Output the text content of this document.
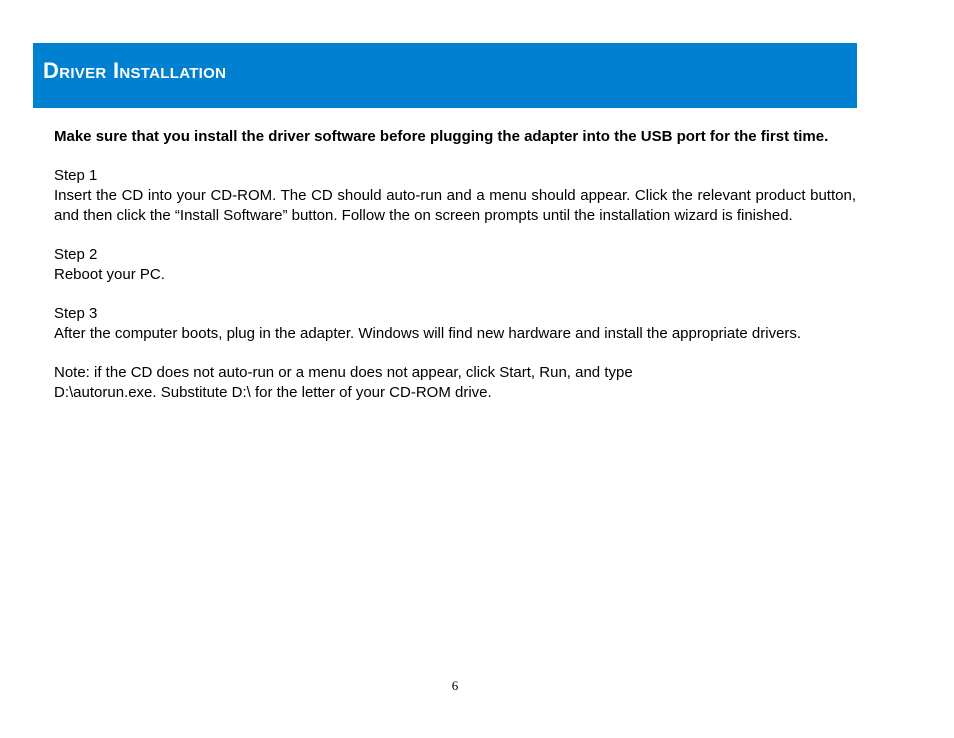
Driver Installation

Make sure that you install the driver software before plugging the adapter into the USB port for the first time.

Step 1
Insert the CD into your CD-ROM. The CD should auto-run and a menu should appear. Click the relevant product button, and then click the “Install Software” button. Follow the on screen prompts until the installation wizard is finished.

Step 2
Reboot your PC.

Step 3
After the computer boots, plug in the adapter. Windows will find new hardware and install the appropriate drivers.

Note: if the CD does not auto-run or a menu does not appear, click Start, Run, and type
D:\autorun.exe. Substitute D:\ for the letter of your CD-ROM drive.

6
